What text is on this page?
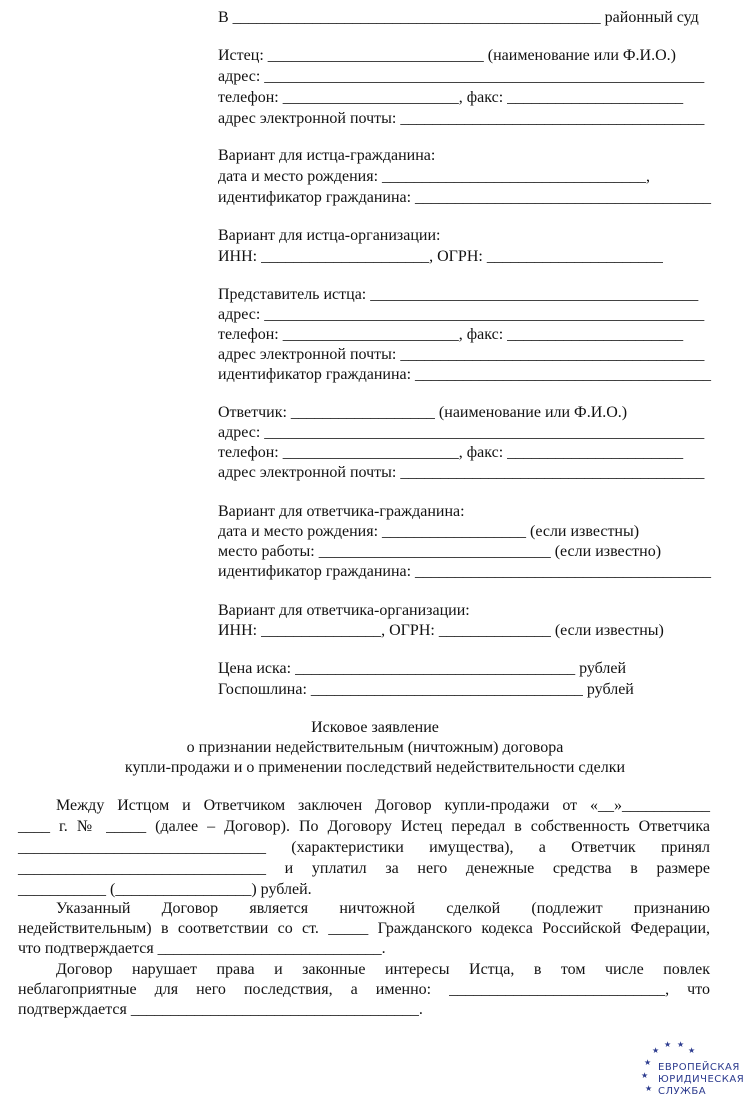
В ______________________________________________ районный суд

Истец: ___________________________ (наименование или Ф.И.О.)

адрес: _______________________________________________________

телефон: ______________________, факс: ______________________

адрес электронной почты: ______________________________________

Вариант для истца-гражданина:

дата и место рождения: _________________________________,

идентификатор гражданина: _____________________________________

Вариант для истца-организации:

ИНН: _____________________, ОГРН: ______________________

Представитель истца: _________________________________________

адрес: _______________________________________________________

телефон: ______________________, факс: ______________________

адрес электронной почты: ______________________________________

идентификатор гражданина: _____________________________________

Ответчик: __________________ (наименование или Ф.И.О.)

адрес: _______________________________________________________

телефон: ______________________, факс: ______________________

адрес электронной почты: ______________________________________

Вариант для ответчика-гражданина:

дата и место рождения: __________________ (если известны)

место работы: _____________________________ (если известно)

идентификатор гражданина: _____________________________________

Вариант для ответчика-организации:

ИНН: _______________, ОГРН: ______________ (если известны)

Цена иска: ___________________________________ рублей

Госпошлина: __________________________________ рублей

Исковое заявление
о признании недействительным (ничтожным) договора
купли-продажи и о применении последствий недействительности сделки

Между Истцом и Ответчиком заключен Договор купли-продажи от «__»___________

____ г. № _____ (далее – Договор). По Договору Истец передал в собственность Ответчика

_______________________________ (характеристики имущества), а Ответчик принял

_______________________________ и уплатил за него денежные средства в размере

___________ (_________________) рублей.

Указанный Договор является ничтожной сделкой (подлежит признанию

недействительным) в соответствии со ст. _____ Гражданского кодекса Российской Федерации,

что подтверждается ____________________________.

Договор нарушает права и законные интересы Истца, в том числе повлек

неблагоприятные для него последствия, а именно: ___________________________, что

подтверждается ____________________________________.

★
★ ★
★
★
★
★
ЕВРОПЕЙСКАЯ
ЮРИДИЧЕСКАЯ
СЛУЖБА
